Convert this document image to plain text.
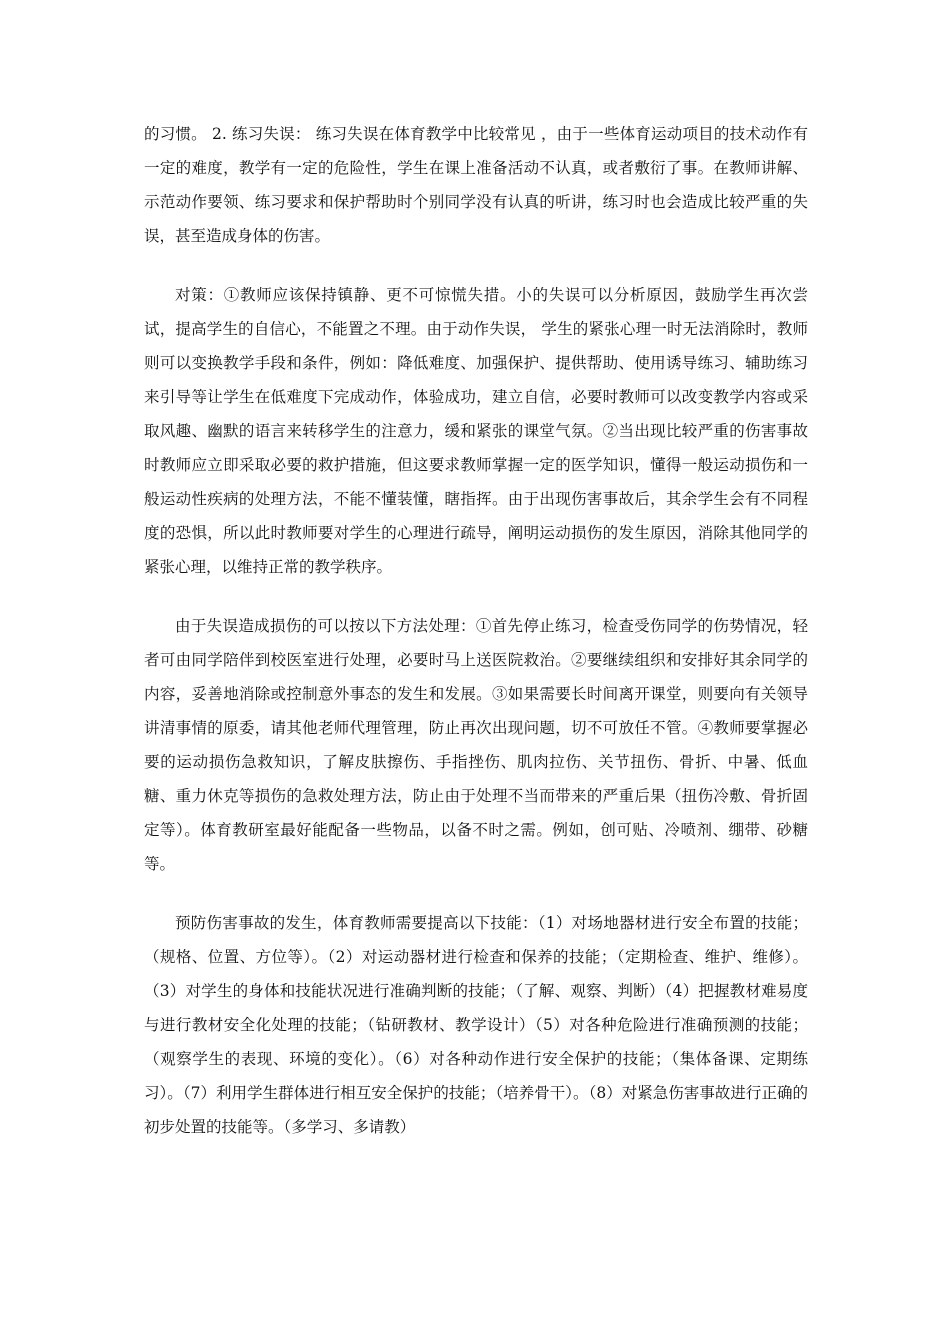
的习惯。 2. 练习失误： 练习失误在体育教学中比较常见 ，由于一些体育运动项目的技术动作有一定的难度，教学有一定的危险性，学生在课上准备活动不认真，或者敷衍了事。在教师讲解、示范动作要领、练习要求和保护帮助时个别同学没有认真的听讲，练习时也会造成比较严重的失误，甚至造成身体的伤害。

对策：①教师应该保持镇静、更不可惊慌失措。小的失误可以分析原因，鼓励学生再次尝试，提高学生的自信心，不能置之不理。由于动作失误， 学生的紧张心理一时无法消除时，教师则可以变换教学手段和条件，例如：降低难度、加强保护、提供帮助、使用诱导练习、辅助练习来引导等让学生在低难度下完成动作，体验成功，建立自信，必要时教师可以改变教学内容或采取风趣、幽默的语言来转移学生的注意力，缓和紧张的课堂气氛。②当出现比较严重的伤害事故时教师应立即采取必要的救护措施，但这要求教师掌握一定的医学知识，懂得一般运动损伤和一般运动性疾病的处理方法，不能不懂装懂，瞎指挥。由于出现伤害事故后，其余学生会有不同程度的恐惧，所以此时教师要对学生的心理进行疏导，阐明运动损伤的发生原因，消除其他同学的紧张心理，以维持正常的教学秩序。

由于失误造成损伤的可以按以下方法处理：①首先停止练习，检查受伤同学的伤势情况，轻者可由同学陪伴到校医室进行处理，必要时马上送医院救治。②要继续组织和安排好其余同学的内容，妥善地消除或控制意外事态的发生和发展。③如果需要长时间离开课堂，则要向有关领导讲清事情的原委，请其他老师代理管理，防止再次出现问题，切不可放任不管。④教师要掌握必要的运动损伤急救知识，了解皮肤擦伤、手指挫伤、肌肉拉伤、关节扭伤、骨折、中暑、低血糖、重力休克等损伤的急救处理方法，防止由于处理不当而带来的严重后果（扭伤冷敷、骨折固定等）。体育教研室最好能配备一些物品，以备不时之需。例如，创可贴、冷喷剂、绷带、砂糖等。

预防伤害事故的发生，体育教师需要提高以下技能：（1）对场地器材进行安全布置的技能；（规格、位置、方位等）。（2）对运动器材进行检查和保养的技能；（定期检查、维护、维修）。（3）对学生的身体和技能状况进行准确判断的技能；（了解、观察、判断）（4）把握教材难易度与进行教材安全化处理的技能；（钻研教材、教学设计）（5）对各种危险进行准确预测的技能；（观察学生的表现、环境的变化）。（6）对各种动作进行安全保护的技能；（集体备课、定期练习）。（7）利用学生群体进行相互安全保护的技能；（培养骨干）。（8）对紧急伤害事故进行正确的初步处置的技能等。（多学习、多请教）
